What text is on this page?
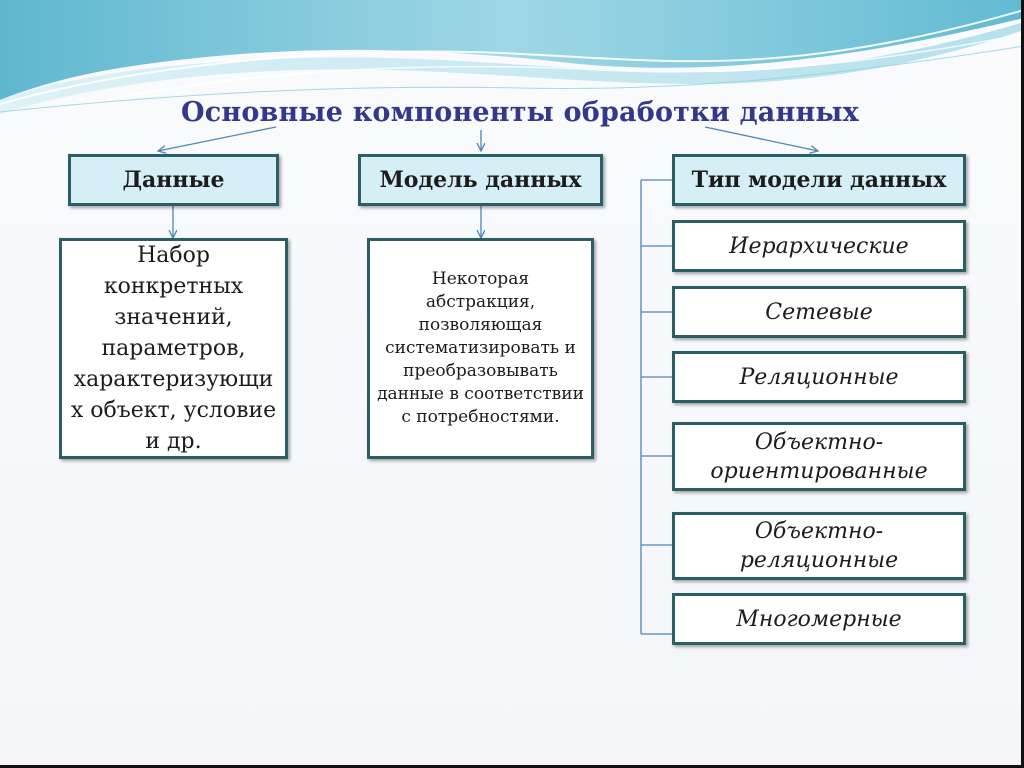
Основные компоненты обработки данных
Данные	Модель данных	Тип модели данных
Набор конкретных значений, параметров, характеризующи х объект, условие и др.
Некоторая абстракция, позволяющая систематизировать и преобразовывать данные в соответствии с потребностями.
Иерархические
Сетевые
Реляционные
Объектно-ориентированные
Объектно-реляционные
Многомерные
